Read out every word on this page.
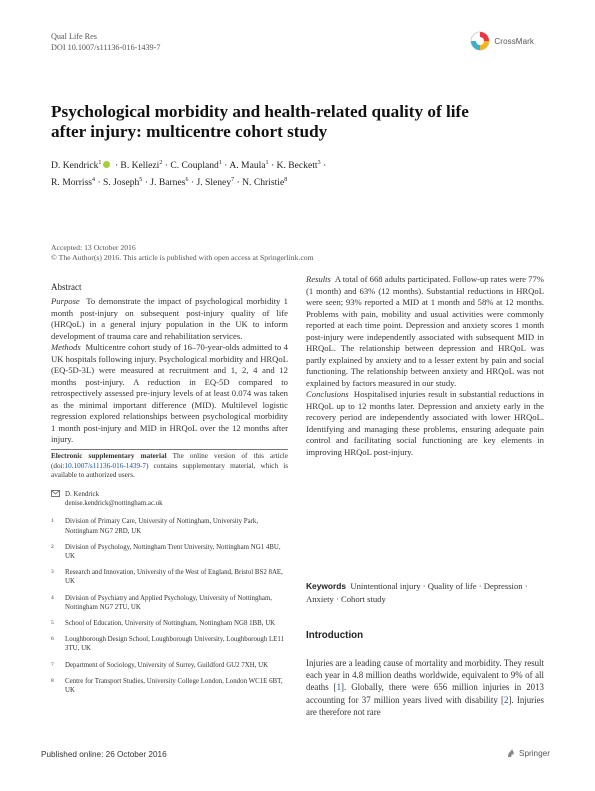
Qual Life Res
DOI 10.1007/s11136-016-1439-7
CrossMark
Psychological morbidity and health-related quality of life after injury: multicentre cohort study
D. Kendrick$^1$ · B. Kellezi$^2$ · C. Coupland$^1$ · A. Maula$^1$ · K. Beckett$^3$ ·
R. Morriss$^4$ · S. Joseph$^5$ · J. Barnes$^6$ · J. Sleney$^7$ · N. Christie$^8$
Accepted: 13 October 2016
© The Author(s) 2016. This article is published with open access at Springerlink.com
Abstract

Purpose To demonstrate the impact of psychological morbidity 1 month post-injury on subsequent post-injury quality of life (HRQoL) in a general injury population in the UK to inform development of trauma care and rehabilitation services.

Methods Multicentre cohort study of 16–70-year-olds admitted to 4 UK hospitals following injury. Psychological morbidity and HRQoL (EQ-5D-3L) were measured at recruitment and 1, 2, 4 and 12 months post-injury. A reduction in EQ-5D compared to retrospectively assessed pre-injury levels of at least 0.074 was taken as the minimal important difference (MID). Multilevel logistic regression explored relationships between psychological morbidity 1 month post-injury and MID in HRQoL over the 12 months after injury.

Electronic supplementary material The online version of this article (doi:10.1007/s11136-016-1439-7) contains supplementary material, which is available to authorized users.
D. Kendrick
denise.kendrick@nottingham.ac.uk
1	Division of Primary Care, University of Nottingham, University Park, Nottingham NG7 2RD, UK
2	Division of Psychology, Nottingham Trent University, Nottingham NG1 4BU, UK
3	Research and Innovation, University of the West of England, Bristol BS2 8AE, UK
4	Division of Psychiatry and Applied Psychology, University of Nottingham, Nottingham NG7 2TU, UK
5	School of Education, University of Nottingham, Nottingham NG8 1BB, UK
6	Loughborough Design School, Loughborough University, Loughborough LE11 3TU, UK
7	Department of Sociology, University of Surrey, Guildford GU2 7XH, UK
8	Centre for Transport Studies, University College London, London WC1E 6BT, UK

Results A total of 668 adults participated. Follow-up rates were 77% (1 month) and 63% (12 months). Substantial reductions in HRQoL were seen; 93% reported a MID at 1 month and 58% at 12 months. Problems with pain, mobility and usual activities were commonly reported at each time point. Depression and anxiety scores 1 month post-injury were independently associated with subsequent MID in HRQoL. The relationship between depression and HRQoL was partly explained by anxiety and to a lesser extent by pain and social functioning. The relationship between anxiety and HRQoL was not explained by factors measured in our study.

Conclusions Hospitalised injuries result in substantial reductions in HRQoL up to 12 months later. Depression and anxiety early in the recovery period are independently associated with lower HRQoL. Identifying and managing these problems, ensuring adequate pain control and facilitating social functioning are key elements in improving HRQoL post-injury.

Keywords Unintentional injury · Quality of life · Depression · Anxiety · Cohort study
Introduction
Injuries are a leading cause of mortality and morbidity. They result each year in 4.8 million deaths worldwide, equivalent to 9% of all deaths [1]. Globally, there were 656 million injuries in 2013 accounting for 37 million years lived with disability [2]. Injuries are therefore not rare
Published online: 26 October 2016	Springer
